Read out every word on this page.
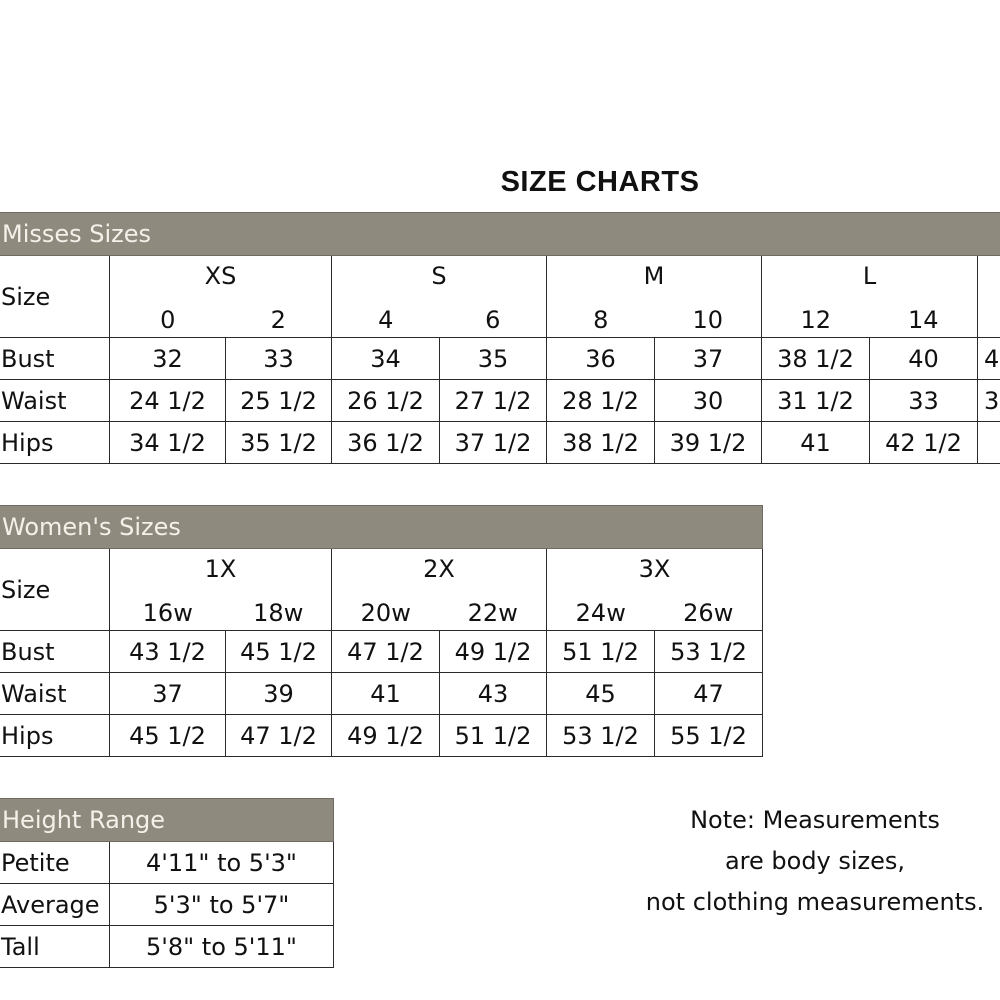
SIZE CHARTS
Misses Sizes									
Size	XS		S		M		L		
	0	2	4	6	8	10	12	14	
Bust	32	33	34	35	36	37	38 1/2	40	4
Waist	24 1/2	25 1/2	26 1/2	27 1/2	28 1/2	30	31 1/2	33	3
Hips	34 1/2	35 1/2	36 1/2	37 1/2	38 1/2	39 1/2	41	42 1/2	
Women's Sizes						
Size	1X		2X		3X	
	16w	18w	20w	22w	24w	26w
Bust	43 1/2	45 1/2	47 1/2	49 1/2	51 1/2	53 1/2
Waist	37	39	41	43	45	47
Hips	45 1/2	47 1/2	49 1/2	51 1/2	53 1/2	55 1/2
Height Range	
Petite	4'11" to 5'3"
Average	5'3" to 5'7"
Tall	5'8" to 5'11"
Note: Measurements
are body sizes,
not clothing measurements.
